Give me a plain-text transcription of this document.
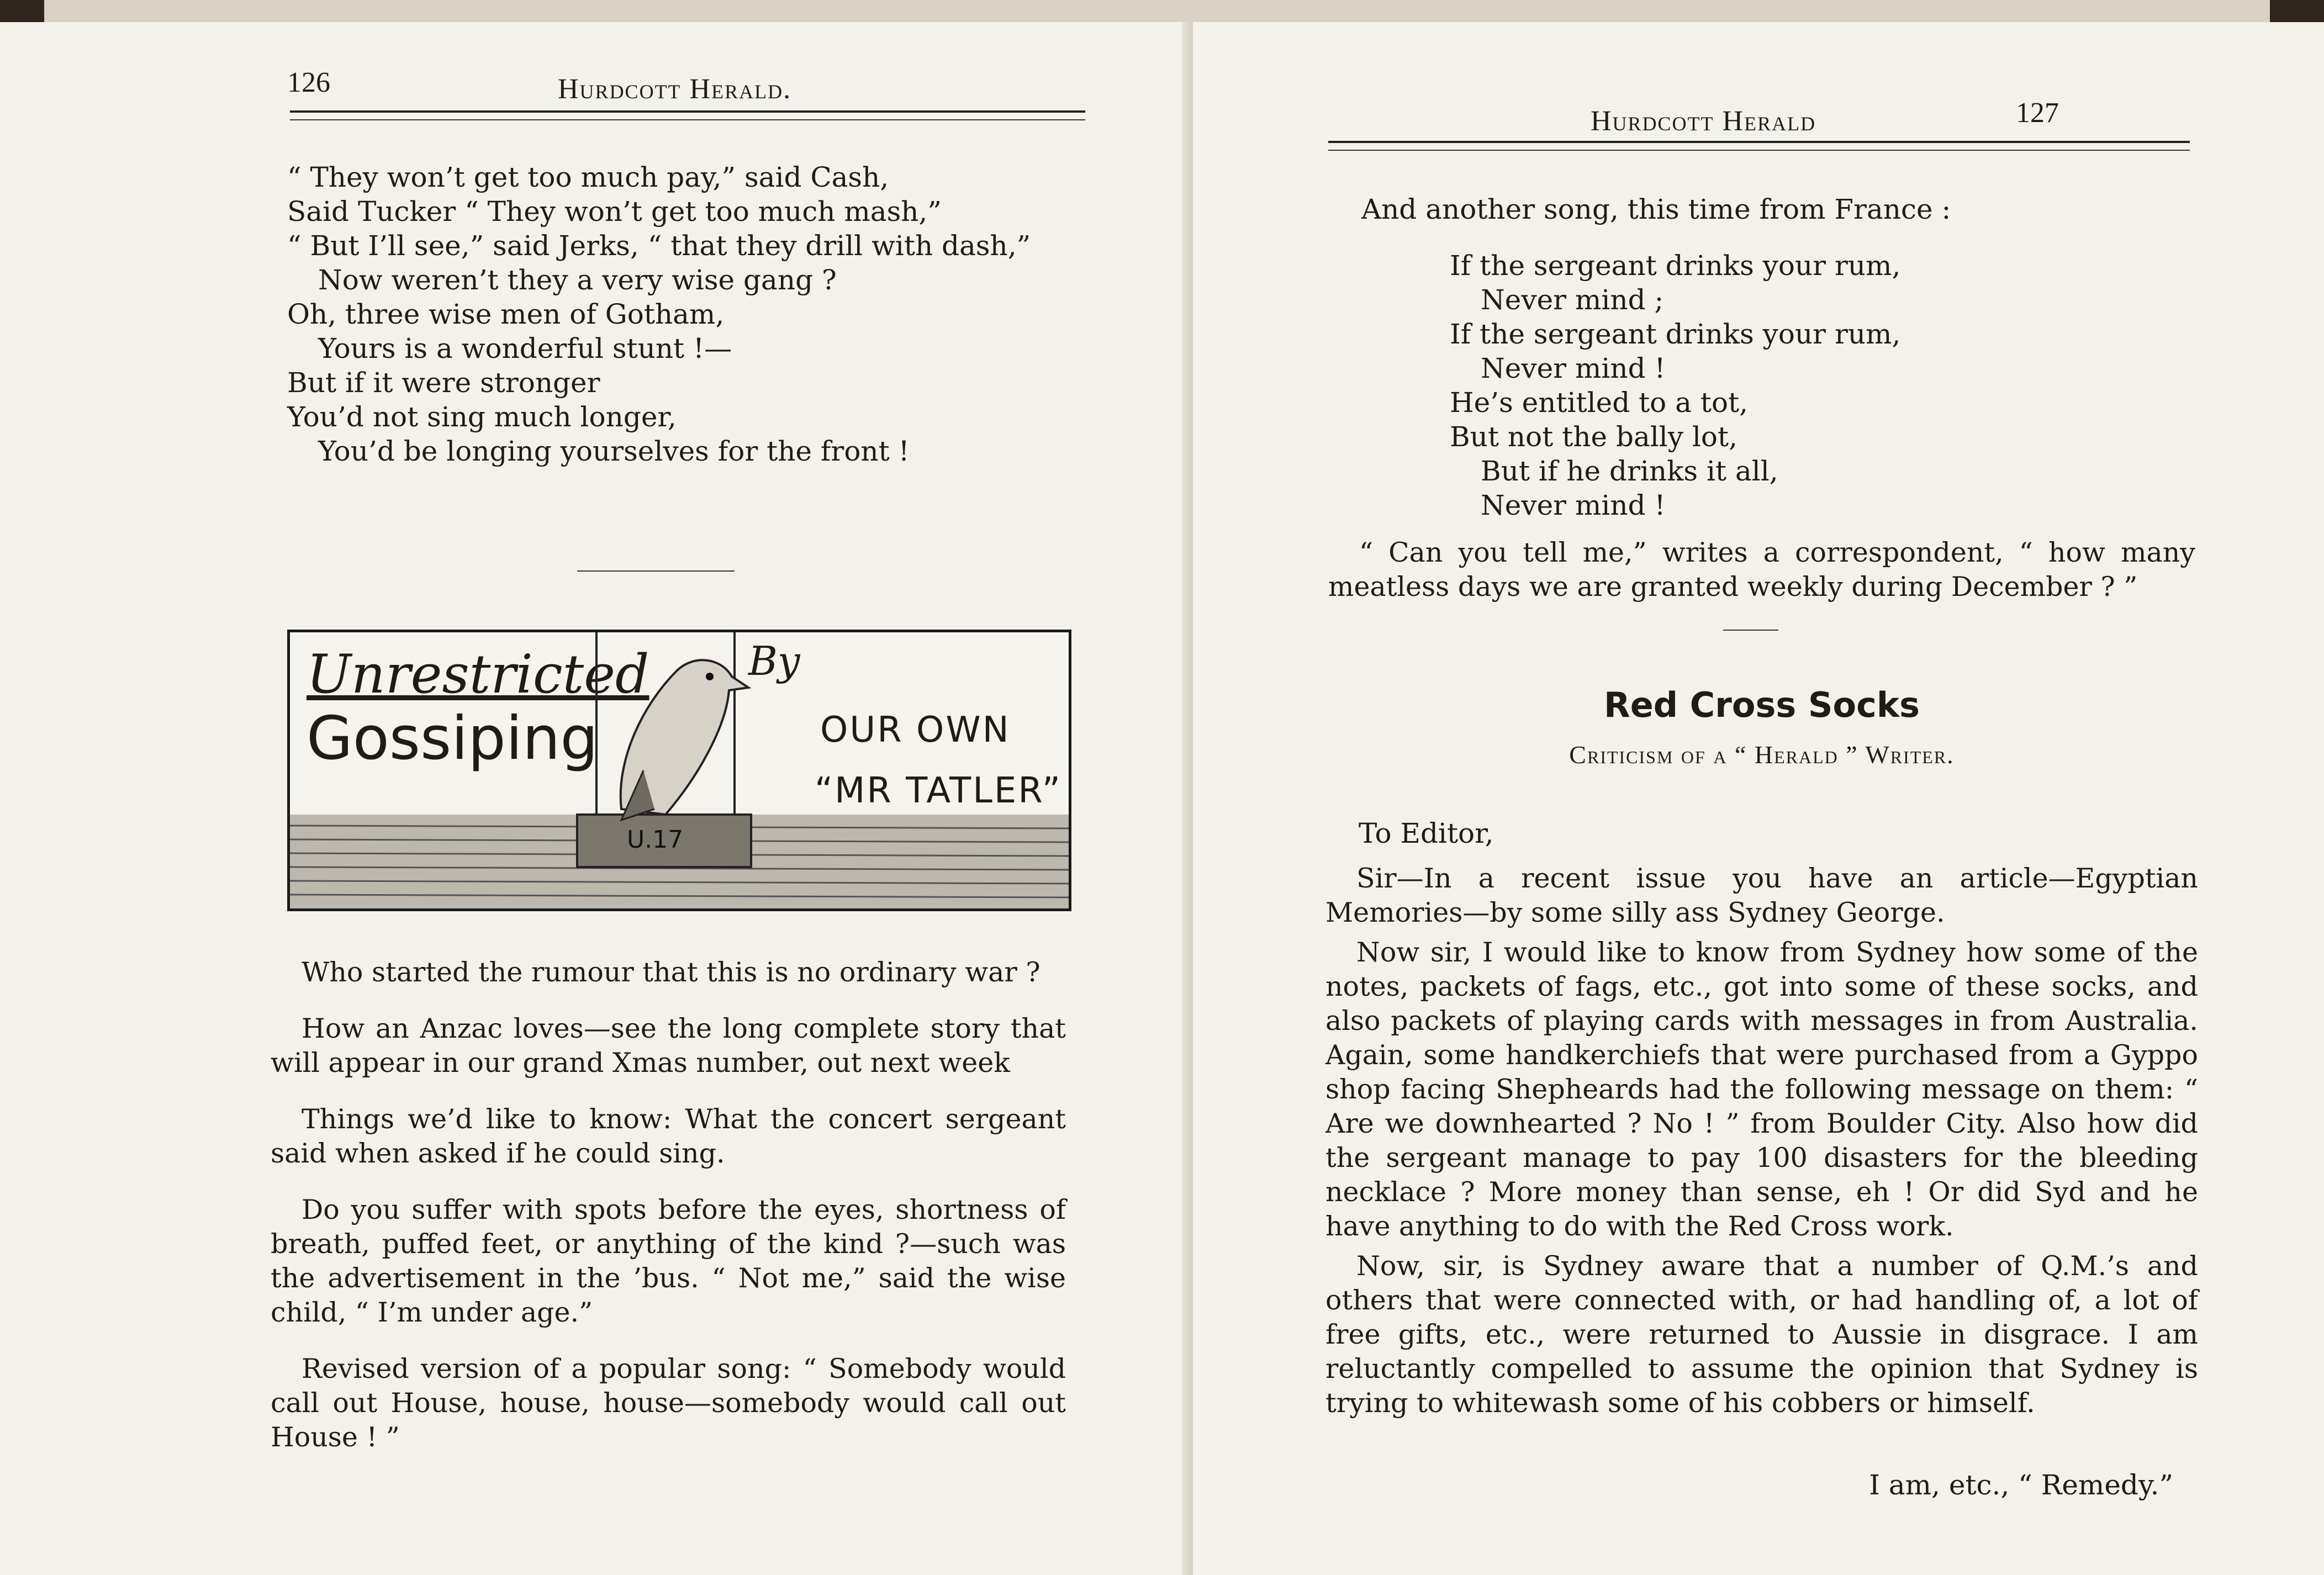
126	Hurdcott Herald.
“ They won’t get too much pay,” said Cash,
Said Tucker “ They won’t get too much mash,”
“ But I’ll see,” said Jerks, “ that they drill with dash,”
Now weren’t they a very wise gang ?
Oh, three wise men of Gotham,
Yours is a wonderful stunt !—
But if it were stronger
You’d not sing much longer,
You’d be longing yourselves for the front !
Unrestricted
Gossiping
By
OUR OWN
“MR TATLER”
U.17

Who started the rumour that this is no ordinary war ?

How an Anzac loves—see the long complete story that will appear in our grand Xmas number, out next week

Things we’d like to know: What the concert sergeant said when asked if he could sing.

Do you suffer with spots before the eyes, shortness of breath, puffed feet, or anything of the kind ?—such was the advertisement in the ’bus. “ Not me,” said the wise child, “ I’m under age.”

Revised version of a popular song: “ Somebody would call out House, house, house—somebody would call out House ! ”

Hurdcott Herald	127
And another song, this time from France :
If the sergeant drinks your rum,
Never mind ;
If the sergeant drinks your rum,
Never mind !
He’s entitled to a tot,
But not the bally lot,
But if he drinks it all,
Never mind !

“ Can you tell me,” writes a correspondent, “ how many meatless days we are granted weekly during December ? ”

Red Cross Socks
Criticism of a “ Herald ” Writer.
To Editor,

Sir—In a recent issue you have an article—Egyptian Memories—by some silly ass Sydney George.

Now sir, I would like to know from Sydney how some of the notes, packets of fags, etc., got into some of these socks, and also packets of playing cards with messages in from Australia. Again, some handkerchiefs that were purchased from a Gyppo shop facing Shepheards had the following message on them: “ Are we downhearted ? No ! ” from Boulder City. Also how did the sergeant manage to pay 100 disasters for the bleeding necklace ? More money than sense, eh ! Or did Syd and he have anything to do with the Red Cross work.

Now, sir, is Sydney aware that a number of Q.M.’s and others that were connected with, or had handling of, a lot of free gifts, etc., were returned to Aussie in disgrace. I am reluctantly compelled to assume the opinion that Sydney is trying to whitewash some of his cobbers or himself.

I am, etc., “ Remedy.”
